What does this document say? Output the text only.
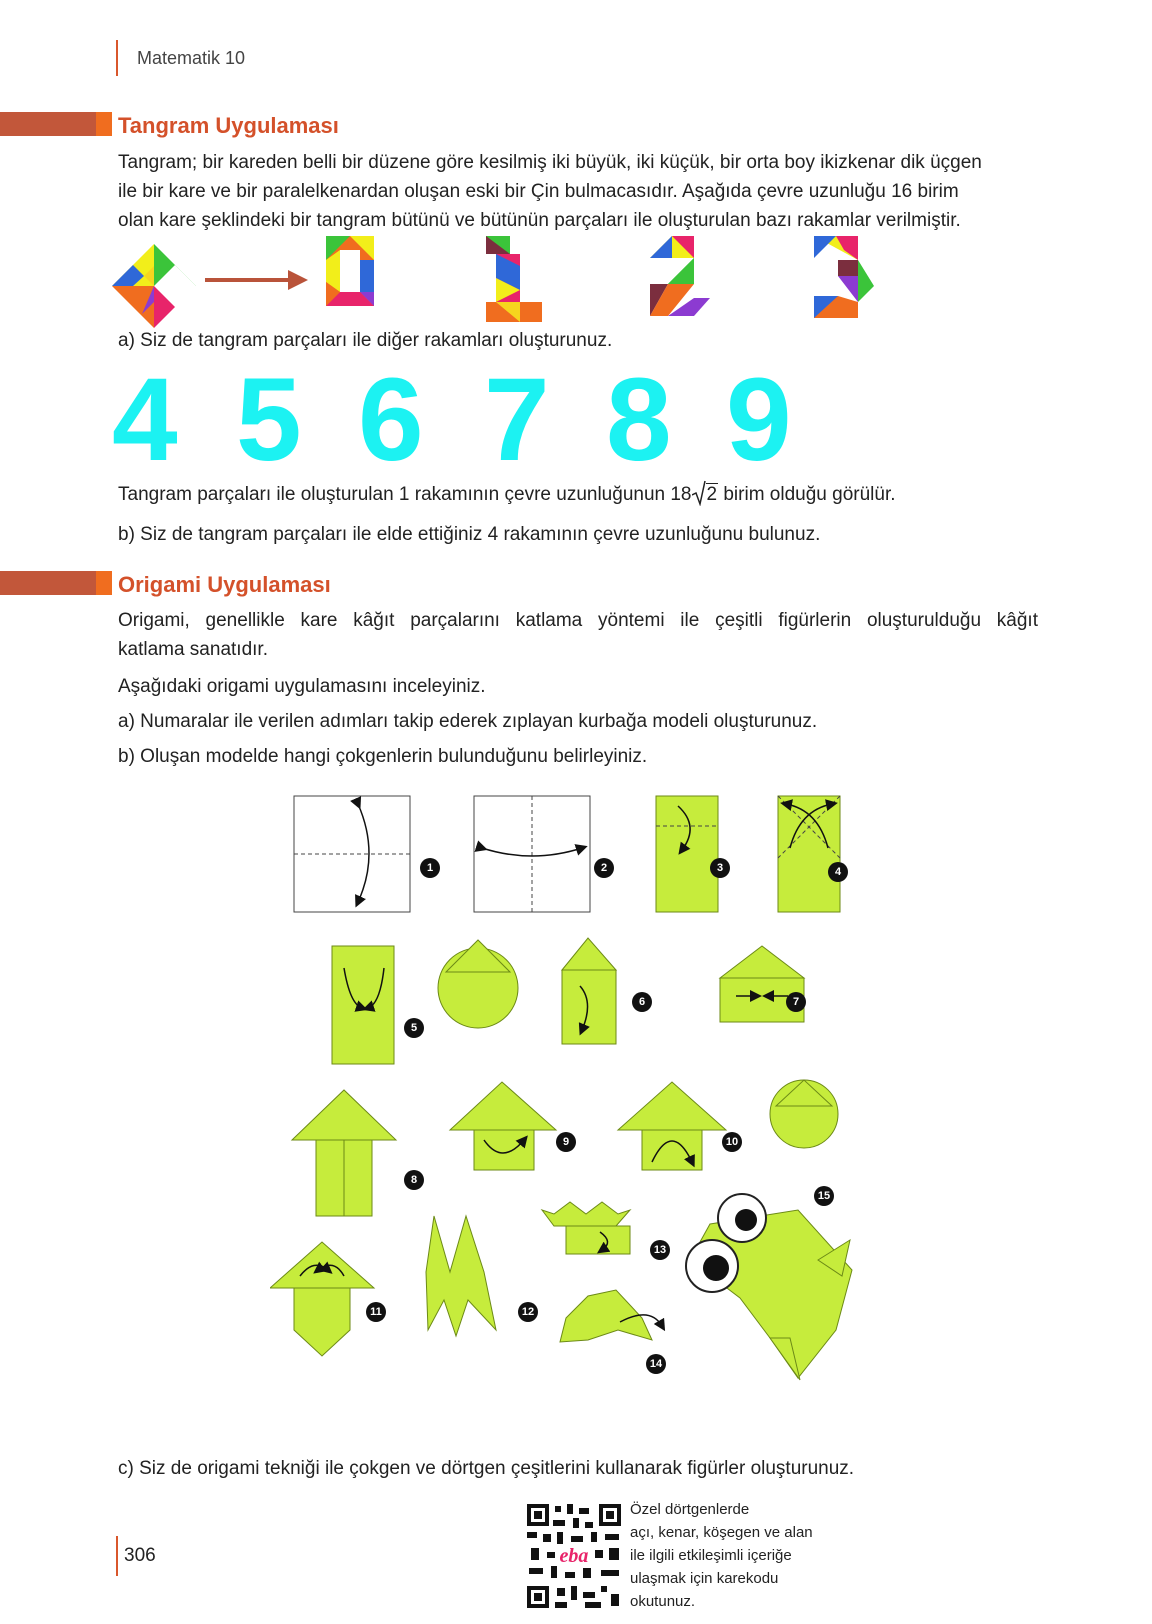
Matematik 10
Tangram Uygulaması
Tangram; bir kareden belli bir düzene göre kesilmiş iki büyük, iki küçük, bir orta boy ikizkenar dik üçgen
ile bir kare ve bir paralelkenardan oluşan eski bir Çin bulmacasıdır. Aşağıda çevre uzunluğu 16 birim
olan kare şeklindeki bir tangram bütünü ve bütünün parçaları ile oluşturulan bazı rakamlar verilmiştir.
a) Siz de tangram parçaları ile diğer rakamları oluşturunuz.
4 5 6 7 8 9
Tangram parçaları ile oluşturulan 1 rakamının çevre uzunluğunun 18 2 birim olduğu görülür.
b) Siz de tangram parçaları ile elde ettiğiniz 4 rakamının çevre uzunluğunu bulunuz.
Origami Uygulaması
Origami, genellikle kare kâğıt parçalarını katlama yöntemi ile çeşitli figürlerin oluşturulduğu kâğıt
katlama sanatıdır.
Aşağıdaki origami uygulamasını inceleyiniz.
a) Numaralar ile verilen adımları takip ederek zıplayan kurbağa modeli oluşturunuz.
b) Oluşan modelde hangi çokgenlerin bulunduğunu belirleyiniz.
1	2	3	4
5
6	7
8
9	10
11	12
13
14
15
c) Siz de origami tekniği ile çokgen ve dörtgen çeşitlerini kullanarak figürler oluşturunuz.
eba
Özel dörtgenlerde
açı, kenar, köşegen ve alan
ile ilgili etkileşimli içeriğe
ulaşmak için karekodu
okutunuz.
306
